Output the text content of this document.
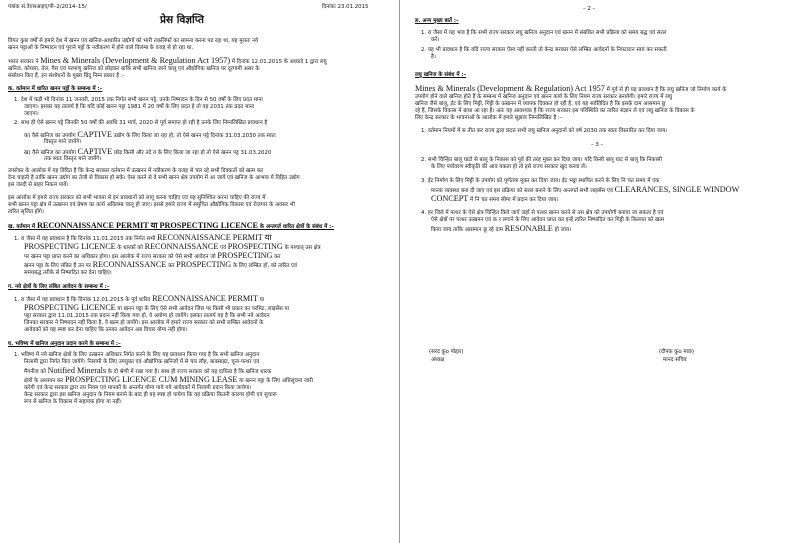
पत्रांक सं.वेएसआइए/पी–2/2014–15/	दिनांकः 23.01.2015
प्रेस विज्ञप्ति
विगत कुछ वर्षों से हमारे देश में खनन एवं खनिज-आधारित उद्योगों को भारी तकलिफों का सामना करना पड रहा था, यह मुलतः नये
खनन पट्टाओं के निष्पादन एवं पुराने पट्टों के नवीकरण में होने वाले विलम्ब के वजह से हो रहा था.
भारत सरकार ने Mines & Minerals (Development & Regulation Act 1957) में दिनांक 12.01.2015 के अध्यादे 1 द्वारा लघु
खनिज, कोयला, तेल, गैस एवं परमाणु खनिज को छोड़कर बाकि सभी खनिज जाने चालू एवं औद्योगिक खनिज पर दूरगामी असर के
संसोधन किए हैं, इन संशोधनों के मुख्य बिंदु निम्न प्रकार है :-
क. वर्तमान में धारित खनन पट्टों के सम्बन्ध में :–
1. देश में कड़ी भी दिनांक 11 जनवरी, 2015 तक निर्गत सभी खनन पट्टे, उनके निष्पादन के दिन से 50 वर्षों के लिए प्रदत माना
जाएगा। इसका यह तात्पर्य है कि यदि कोई खनन पट्टा 1981 में 20 वर्षों के लिए प्रदत हे तो वह 2031 तक प्रदत माना
जाएगा।
2. साथ ही ऐसे खनन पट्टे जिनकी 50 वर्षों की अवधि 31 मार्च, 2020 से पूर्व समाप्त हो रही है उनके लिए निम्नलिखित प्रावधान है
क) वैसे खनिज का उपयोग CAPTIVE उद्योग के लिए किया जा रहा हो, तो ऐसे खनन पट्टे दिनांक 31.03.2030 तक स्वतः
विस्तृत माने जायेंगे।
ख) वैसे खनिज का उपयोग CAPTIVE छोड़ किसी और उदे य के लिए किया जा रहा हो तो ऐसे खनन पट्ट 31.03.2020
तक स्वतः विस्तृत माने जायेंगे।
उपरोक्त के आलोक में यह विदित है कि केन्द्र सरकार वर्तमान में उत्खनन में नवीकरण के वजह से चल रहे सभी दिक्कतों को खत्म कर
देना चाहती है ताकि खनन उद्योग का तेजी से विकास हो सके। ऐसा करने से वे सभी खनन क्षेत्र उपयोग में आ जायें एवं खनिज के आभाव में विहित उद्योग
इस जल्दी से बाहर निकल पायें।
इस आलोक में हमारे राज्य सरकार को सभी भावना से इन प्रावधानों को लागू करना चाहिए एवं यह सुनिश्चित करना चाहिए की राज्य में
सभी खनन पट्टा क्षेत्र में उत्खनन एवं प्रेषण का कार्य अविलम्ब चालू हो जाए। इससे हमारे राज्य में समुचित औद्योगिक विकास एवं रोजगार के अवसर भी
त्वरित सृजित होंगे।
ख. वर्तमान में RECONNAISSANCE PERMIT या PROSPECTING LICENCE के अन्तगर्त धारित क्षेत्रों के संबंध में :–
1. रा जैसा में यह प्रावधान है कि दिनांक 11.01.2015 तक निर्गत सभी RECONNAISSANCE PERMIT या
PROSPECTING LICENCE के धारकों को RECONNAISSANCE एवं PROSPECTING के पश्चात् उस क्षेत्र
पर खनन पट्टा प्राप्त करने का अधिकार होगा। इस आलोक में राज्य सरकार को ऐसे सभी आवेदन जो PROSPECTING कर
खनन पट्टा के लिए लंबित हैं उन पर RECONNAISSANCE कर PROSPECTING के लिए लम्बित हों, को त्वरित एवं
समयबद्ध तरीके से निष्पादित कर देना चाहिए।
ग. नये क्षेत्रों के लिए लंबित आवेदन के सम्बन्ध में :–
1. रा जैसा में यह प्रावधान है कि दिनांक 12.01.2015 के पूर्व धारित RECONNAISSANCE PERMIT या
PROSPECTING LICENCE या खनन पट्टा के लिए ऐसे सभी आवेदन जिस पर किसी भी प्रकार का परमिट, लाइसेंस या
पट्टा सरकार द्वारा 11.01.2015 तक प्रदान नहीं किया गया हो, वे अयोग्य हो जायेंगे। इसका तात्पर्य यह है कि सभी नये आवेदन
जिनका सरकार ने निष्पादन नहीं किया है, वे खत्म हो जायेंगे। इस आलोक में हमारे राज्य सरकार को सभी लम्बित आवेदनों के
आवेदकों को यह स्पष्ट कर देना चाहिए कि उनका आवेदन अब विचार योग्य नहीं होगा।
घ. भविष्य में खनिज अनुदान प्रदान करने के सम्बन्ध में :–
1. भविष्य में नये खनिज क्षेत्रों के लिए उत्खनन अधिकार निर्गत करने के लिए यह प्रावधान किया गया है कि सभी खनिज अनुदान
निलामी द्वारा निर्गत किए जायेंगे। निलामी के लिए उपयुक्त एवं औद्योगिक खनिजों में से चार लौह, बाक्साइट, चूना-पत्थर एवं
मैंगनीज को Notified Minerals के दो श्रेणी में रखा गया है। साथ ही राज्य सरकार को यह दायित्व है कि खनिज धारक
क्षेत्रों के अध्ययन कर PROSPECTING LICENCE CUM MINING LEASE या खनन पट्टा के लिए अधिसूचना जारी
करेगी एवं केन्द्र सरकार द्वारा तय नियम एवं मानकों के अन्तर्गत योग्य पाये गये आवेदकों में निलामी प्रदान किया जायेगा।
केन्द्र सरकार द्वारा इस खनिज अनुदान के नियम बनाने के बाद ही यह स्पष्ट हो पायेगा कि यह प्रक्रिया कितनी कारगर होगी एवं सुचारू
रूप से खनिज के विकास में सहायक होगा या नहीं।
– 2 –
ङ. अन्य मुख्य बातें :–
1. रा जैसा में यह भाव है कि सभी राज्य सरकार लघु खनिज अनुदान एवं खनन में संबंधित सभी प्रक्रिया को समय बद्ध एवं सरल
करें।
2. यह भी प्रावधान है कि यदि राज्य सरकार ऐसा नहीं करती तो केन्द्र सरकार ऐसे लम्बित आवेदनों के निपटारान स्वयं कर सकती
है।
लघु खनिज के संबंध में :–
Mines & Minerals (Development & Regulation) Act 1957 में पूर्व से ही यह प्रावधान है कि लघु खनिज जो निर्माण कार्य के
उपयोग होने वाले खनिज होते हैं के सम्बन्ध में खनिज अनुदान एवं खनन कार्य के लिए नियम राज्य सरकार बनायेगी। हमारे राज्य में लघु
खनिज जैसे बालू, ईट के लिए मिट्टी, गिट्टी के उत्खनन में व्यापक दिक्कत हो रही है, एवं यह सर्वविदित है कि इसके दाम आसमान छू
रहे हैं, जिसके विकास में बाधा आ रहा है। अतः यह आवश्यक है कि राज्य सरकार इस परिस्थिति का त्वरित संज्ञान ले एवं लघु खनिज के विकास के
लिए केन्द्र सरकार के भावनाओं के आलोक में हमारे सुझाव निम्नलिखित है :–
1. वर्तमान नियमों में स तीत कर राज्य द्वारा प्रदत्त सभी लघु खनिज अनुदानों को वर्ष 2030 तक स्वतः विस्तारित कर दिया जाय।
– 3 –
2. सभी चिन्हित बालू घाटो से बालू के निकास को पूर्व की तरह मुक्त कर दिया जाय। यदि किसी बालू घाट से बालू कि निकासी
के लिए पर्यावरण स्वीकृति की आव यकता हो तो इसे राज्य सरकार खुद करवा लें।
3. ईट निर्माण के लिए मिट्टी के उपयोग को पूर्णतया मुक्त कर दिया जाय। ईट भट्ठा स्थापित करने के लिए नि चत समय में एक
मानक व्यवस्था बना दी जाए एवं इस प्रक्रिया को सरल बनाने के लिए अन्तगर्त सभी लाइसेंस एवं CLEARANCES, SINGLE WINDOW
CONCEPT में नि चत समय सीमा में प्रदान कर दिया जाय।
4. हर जिले में पत्थर के ऐसे क्षेत्र चिन्हित किये जाऐं जहाँ से पत्थर खनन करने से उस क्षेत्र को उपयोगी बनाया जा सकता है एवं
ऐसे क्षेत्रों पर पत्थर उत्खनन एवं क र लगाने के लिए आवेदन प्राप्त कर इन्हें त्वरित निष्पादित कर गिट्टी के किल्लत को खत्म
किया जाय ताकि आसमान छू रहे दाम RESONABLE हो जाय।
(सरद कुo पोद्दार)
अध्यक्ष
(दीपक कुo माछ)
मानद सचिव
